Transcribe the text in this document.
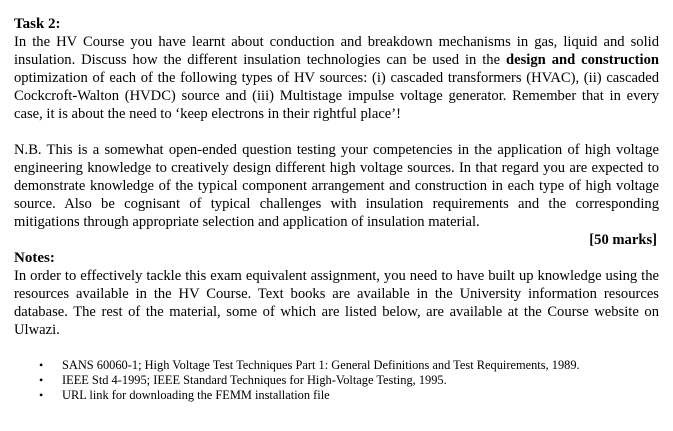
Task 2:

In the HV Course you have learnt about conduction and breakdown mechanisms in gas, liquid and solid insulation. Discuss how the different insulation technologies can be used in the design and construction optimization of each of the following types of HV sources: (i) cascaded transformers (HVAC), (ii) cascaded Cockcroft-Walton (HVDC) source and (iii) Multistage impulse voltage generator. Remember that in every case, it is about the need to ‘keep electrons in their rightful place’!

N.B. This is a somewhat open-ended question testing your competencies in the application of high voltage engineering knowledge to creatively design different high voltage sources. In that regard you are expected to demonstrate knowledge of the typical component arrangement and construction in each type of high voltage source. Also be cognisant of typical challenges with insulation requirements and the corresponding mitigations through appropriate selection and application of insulation material.

[50 marks]

Notes:

In order to effectively tackle this exam equivalent assignment, you need to have built up knowledge using the resources available in the HV Course. Text books are available in the University information resources database. The rest of the material, some of which are listed below, are available at the Course website on Ulwazi.

• SANS 60060-1; High Voltage Test Techniques Part 1: General Definitions and Test Requirements, 1989.
• IEEE Std 4-1995; IEEE Standard Techniques for High-Voltage Testing, 1995.
• URL link for downloading the FEMM installation file
